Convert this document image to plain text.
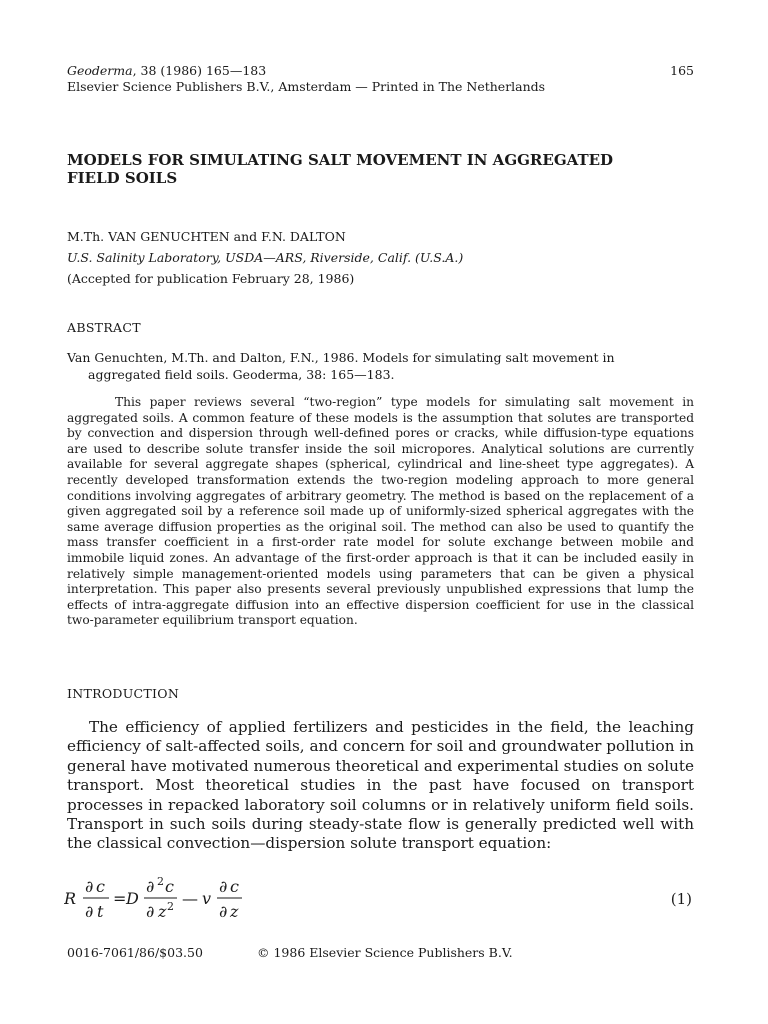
Geoderma, 38 (1986) 165—183	165
Elsevier Science Publishers B.V., Amsterdam — Printed in The Netherlands
MODELS FOR SIMULATING SALT MOVEMENT IN AGGREGATED
FIELD SOILS
M.Th. VAN GENUCHTEN and F.N. DALTON
U.S. Salinity Laboratory, USDA—ARS, Riverside, Calif. (U.S.A.)
(Accepted for publication February 28, 1986)
ABSTRACT
Van Genuchten, M.Th. and Dalton, F.N., 1986. Models for simulating salt movement in
aggregated field soils. Geoderma, 38: 165—183.
This paper reviews several “two-region” type models for simulating salt movement in aggregated soils. A common feature of these models is the assumption that solutes are transported by convection and dispersion through well-defined pores or cracks, while diffusion-type equations are used to describe solute transfer inside the soil micropores. Analytical solutions are currently available for several aggregate shapes (spherical, cylindrical and line-sheet type aggregates). A recently developed transformation extends the two-region modeling approach to more general conditions involving aggregates of arbitrary geometry. The method is based on the replacement of a given aggregated soil by a reference soil made up of uniformly-sized spherical aggregates with the same average diffusion properties as the original soil. The method can also be used to quantify the mass transfer coefficient in a first-order rate model for solute exchange between mobile and immobile liquid zones. An advantage of the first-order approach is that it can be included easily in relatively simple management-oriented models using parameters that can be given a physical interpretation. This paper also presents several previously unpublished expressions that lump the effects of intra-aggregate diffusion into an effective dispersion coefficient for use in the classical two-parameter equilibrium transport equation.
INTRODUCTION
The efficiency of applied fertilizers and pesticides in the field, the leaching efficiency of salt-affected soils, and concern for soil and groundwater pollution in general have motivated numerous theoretical and experimental studies on solute transport. Most theoretical studies in the past have focused on transport processes in repacked laboratory soil columns or in relatively uniform field soils. Transport in such soils during steady-state flow is generally predicted well with the classical convection—dispersion solute transport equation:
R
∂ c
∂ t
= D
∂ 2 c
∂ z 2 — v
∂ c
∂ z
(1)
0016-7061/86/$03.50	© 1986 Elsevier Science Publishers B.V.
